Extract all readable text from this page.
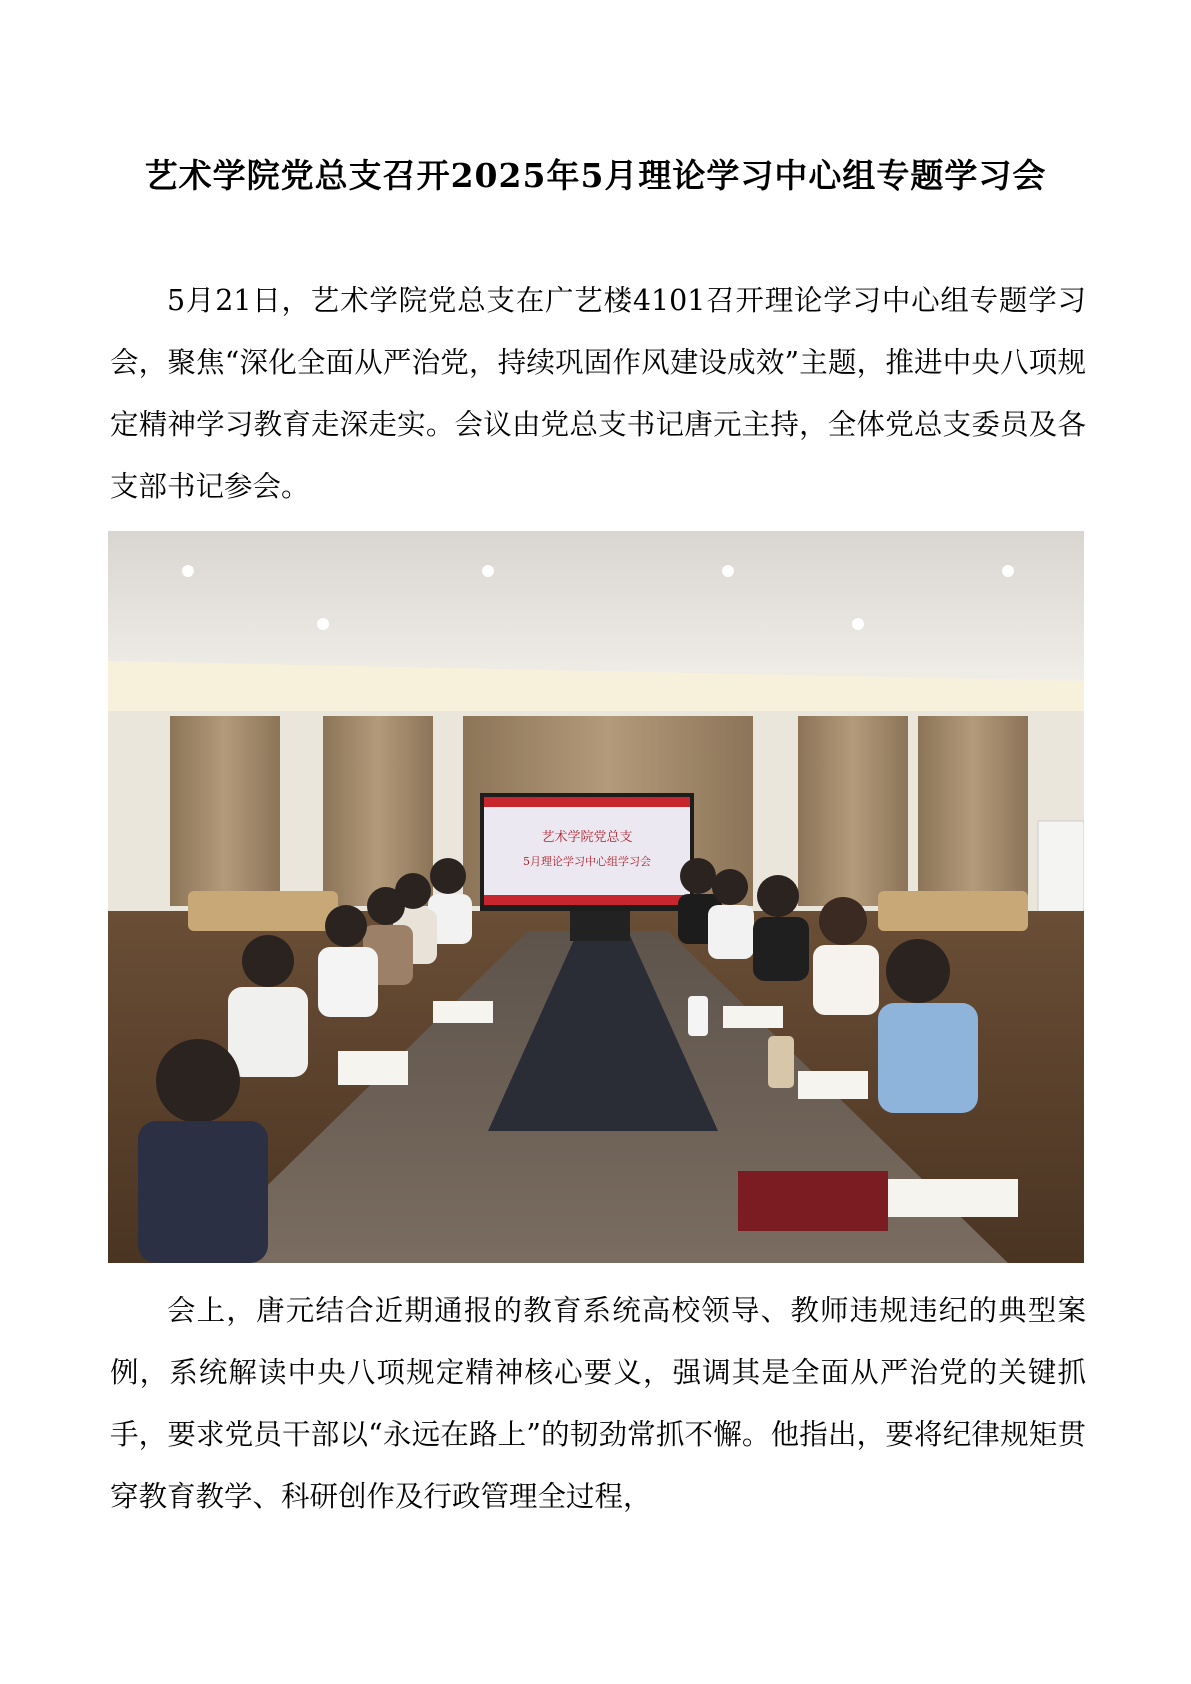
艺术学院党总支召开2025年5月理论学习中心组专题学习会

5月21日，艺术学院党总支在广艺楼4101召开理论学习中心组专题学习会，聚焦“深化全面从严治党，持续巩固作风建设成效”主题，推进中央八项规定精神学习教育走深走实。会议由党总支书记唐元主持，全体党总支委员及各支部书记参会。

艺术学院党总支
5月理论学习中心组学习会

会上，唐元结合近期通报的教育系统高校领导、教师违规违纪的典型案例，系统解读中央八项规定精神核心要义，强调其是全面从严治党的关键抓手，要求党员干部以“永远在路上”的韧劲常抓不懈。他指出，要将纪律规矩贯穿教育教学、科研创作及行政管理全过程，
